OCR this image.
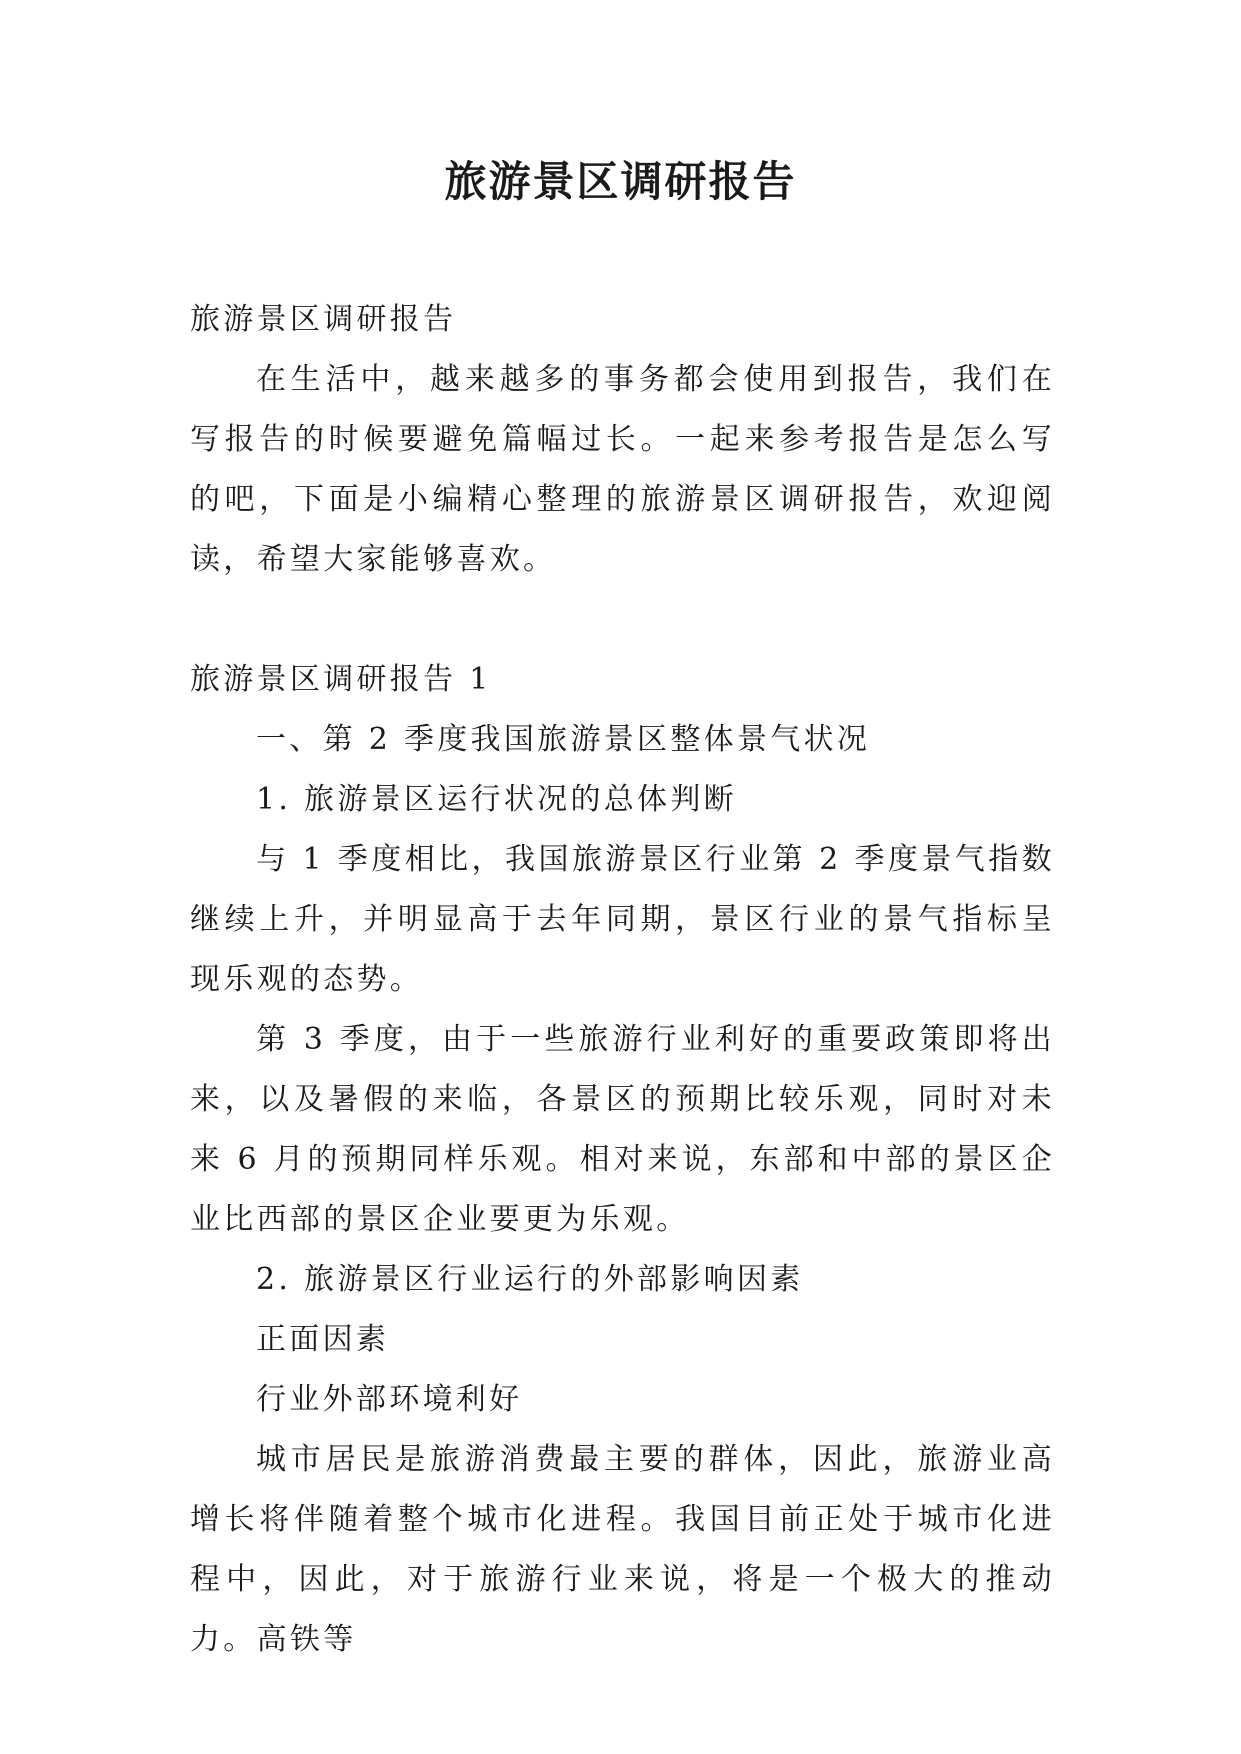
旅游景区调研报告

旅游景区调研报告

在生活中，越来越多的事务都会使用到报告，我们在写报告的时候要避免篇幅过长。一起来参考报告是怎么写的吧，下面是小编精心整理的旅游景区调研报告，欢迎阅读，希望大家能够喜欢。

旅游景区调研报告 1

一、第 2 季度我国旅游景区整体景气状况

1. 旅游景区运行状况的总体判断

与 1 季度相比，我国旅游景区行业第 2 季度景气指数继续上升，并明显高于去年同期，景区行业的景气指标呈现乐观的态势。

第 3 季度，由于一些旅游行业利好的重要政策即将出来，以及暑假的来临，各景区的预期比较乐观，同时对未来 6 月的预期同样乐观。相对来说，东部和中部的景区企业比西部的景区企业要更为乐观。

2. 旅游景区行业运行的外部影响因素

正面因素

行业外部环境利好

城市居民是旅游消费最主要的群体，因此，旅游业高增长将伴随着整个城市化进程。我国目前正处于城市化进程中，因此，对于旅游行业来说，将是一个极大的推动力。高铁等
